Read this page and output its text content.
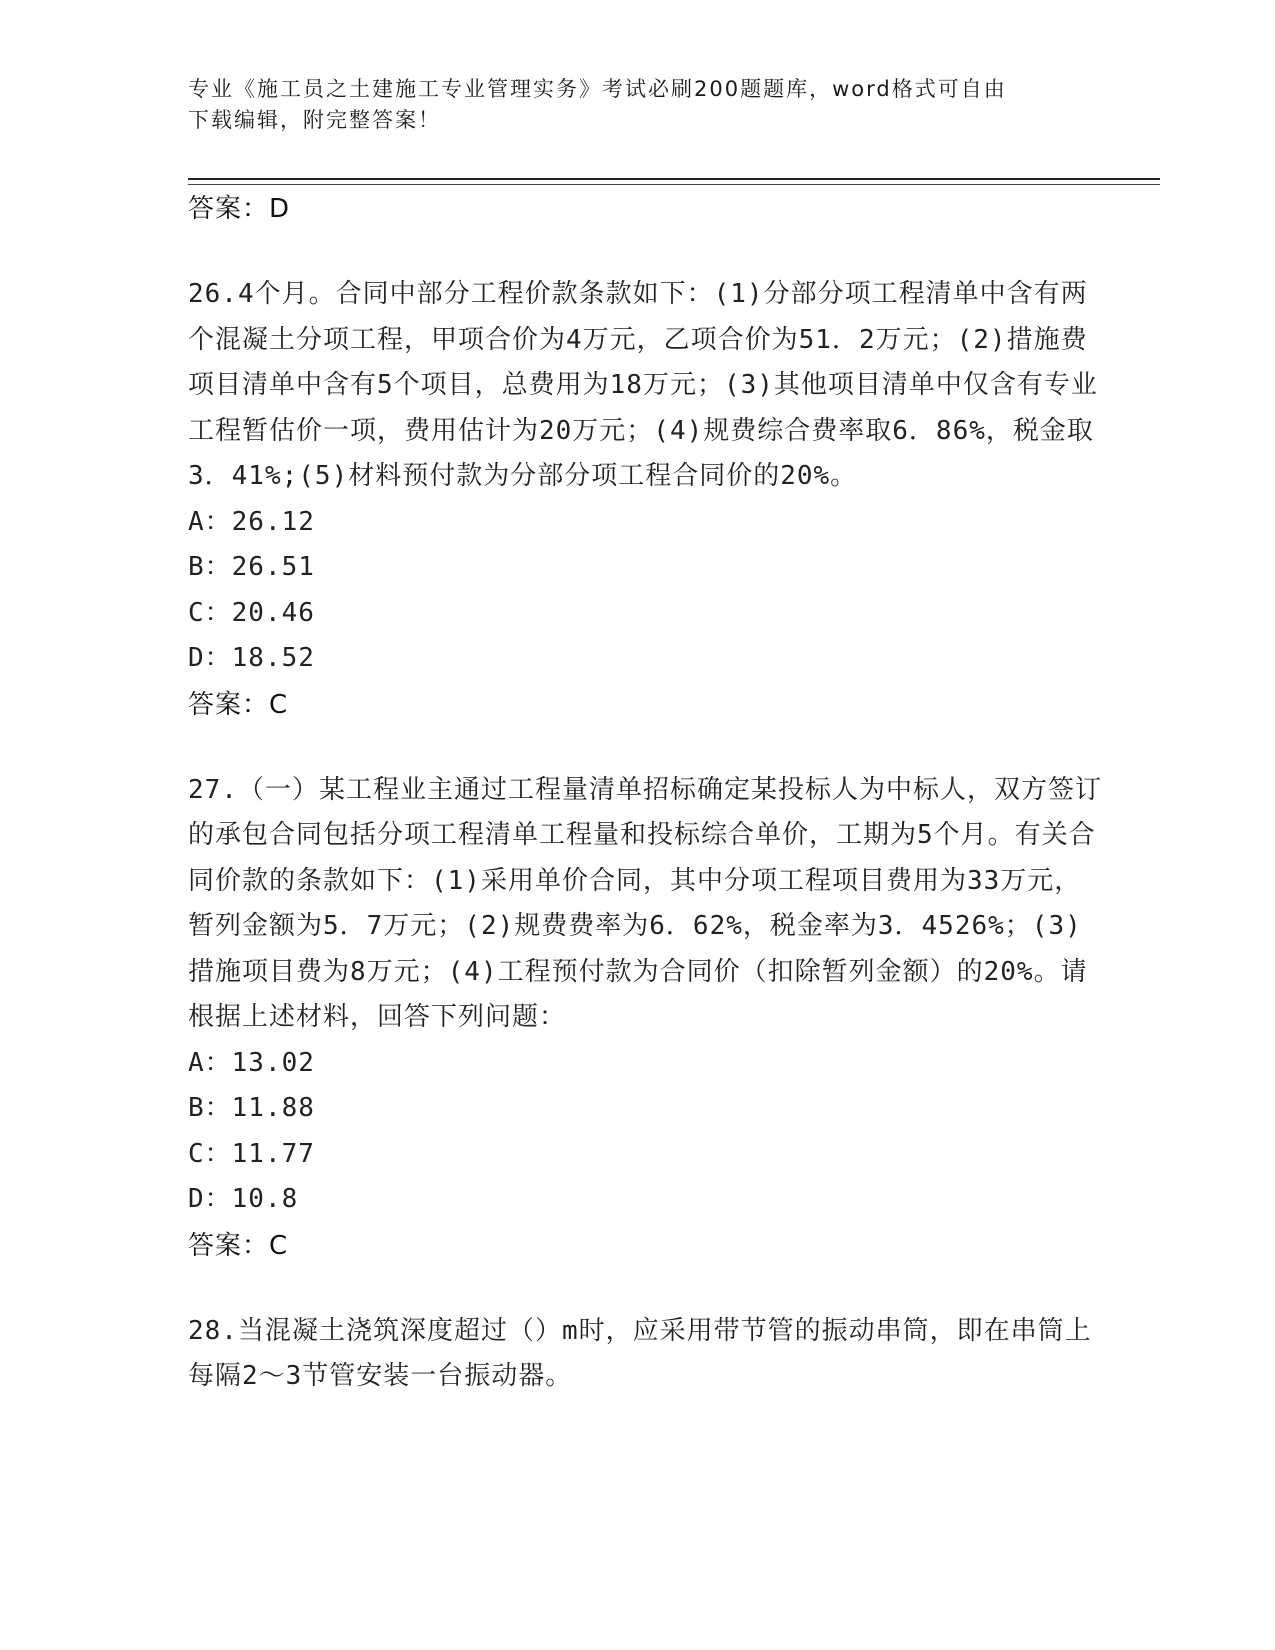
专业《施工员之土建施工专业管理实务》考试必刷200题题库，word格式可自由
下载编辑，附完整答案！
答案：D
26.4个月。合同中部分工程价款条款如下：(1)分部分项工程清单中含有两个混凝土分项工程，甲项合价为4万元，乙项合价为51．2万元；(2)措施费项目清单中含有5个项目，总费用为18万元；(3)其他项目清单中仅含有专业工程暂估价一项，费用估计为20万元；(4)规费综合费率取6．86%，税金取3．41%;(5)材料预付款为分部分项工程合同价的20%。
A：26.12
B：26.51
C：20.46
D：18.52
答案：C
27.（一）某工程业主通过工程量清单招标确定某投标人为中标人，双方签订的承包合同包括分项工程清单工程量和投标综合单价，工期为5个月。有关合同价款的条款如下：(1)采用单价合同，其中分项工程项目费用为33万元，暂列金额为5．7万元；(2)规费费率为6．62%，税金率为3．4526%；(3)措施项目费为8万元；(4)工程预付款为合同价（扣除暂列金额）的20%。请根据上述材料，回答下列问题：
A：13.02
B：11.88
C：11.77
D：10.8
答案：C
28.当混凝土浇筑深度超过（）m时，应采用带节管的振动串筒，即在串筒上每隔2～3节管安装一台振动器。
